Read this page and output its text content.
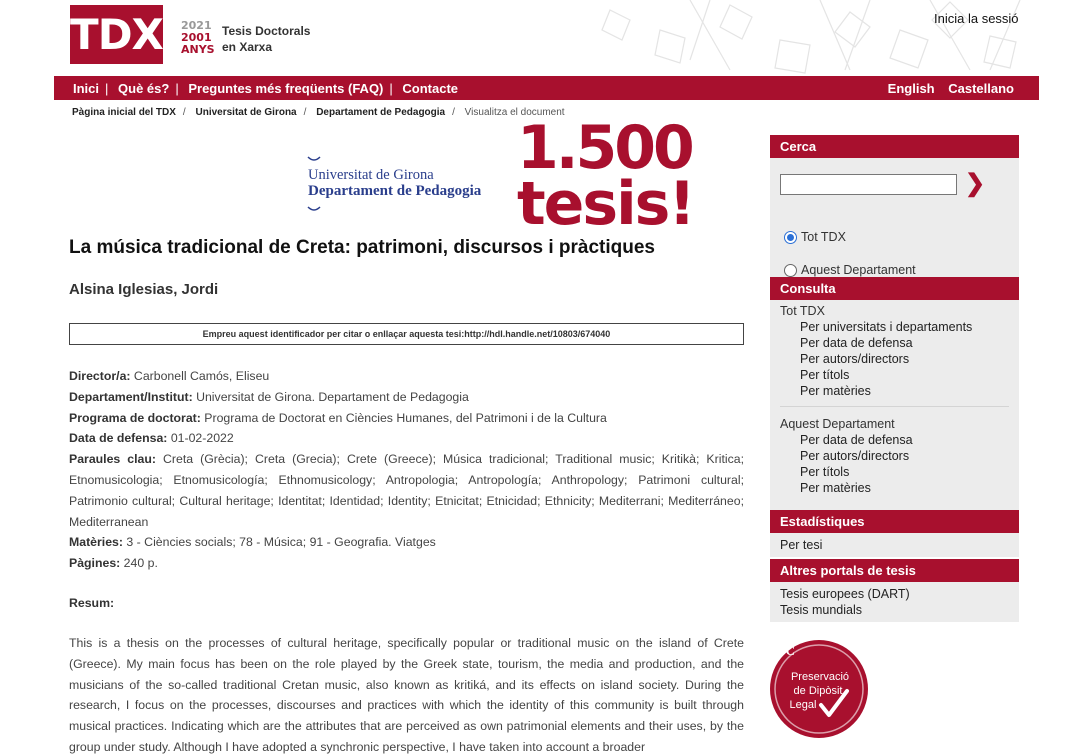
TDX 2021
2001
ANYS
Tesis Doctorals
en Xarxa
Inicia la sessió
Inici | Què és? | Preguntes més freqüents (FAQ) | Contacte	English Castellano
Pàgina inicial del TDX / Universitat de Girona / Departament de Pedagogia / Visualitza el document
Universitat de Girona
Departament de Pedagogia
1.500
tesis!
La música tradicional de Creta: patrimoni, discursos i pràctiques
Alsina Iglesias, Jordi
Empreu aquest identificador per citar o enllaçar aquesta tesi: http://hdl.handle.net/10803/674040
Director/a: Carbonell Camós, Eliseu
Departament/Institut: Universitat de Girona. Departament de Pedagogia
Programa de doctorat: Programa de Doctorat en Ciències Humanes, del Patrimoni i de la Cultura
Data de defensa: 01-02-2022
Paraules clau: Creta (Grècia); Creta (Grecia); Crete (Greece); Música tradicional; Traditional music; Kritikà; Kritica; Etnomusicologia; Etnomusicología; Ethnomusicology; Antropologia; Antropología; Anthropology; Patrimoni cultural; Patrimonio cultural; Cultural heritage; Identitat; Identidad; Identity; Etnicitat; Etnicidad; Ethnicity; Mediterrani; Mediterráneo; Mediterranean
Matèries: 3 - Ciències socials; 78 - Música; 91 - Geografia. Viatges
Pàgines: 240 p.
Resum:
This is a thesis on the processes of cultural heritage, specifically popular or traditional music on the island of Crete (Greece). My main focus has been on the role played by the Greek state, tourism, the media and production, and the musicians of the so-called traditional Cretan music, also known as kritiká, and its effects on island society. During the research, I focus on the processes, discourses and practices with which the identity of this community is built through musical practices. Indicating which are the attributes that are perceived as own patrimonial elements and their uses, by the group under study. Although I have adopted a synchronic perspective, I have taken into account a broader
Cerca
❯
Tot TDX
Aquest Departament
Consulta
Tot TDX
Per universitats i departaments
Per data de defensa
Per autors/directors
Per títols
Per matèries
Aquest Departament
Per data de defensa
Per autors/directors
Per títols
Per matèries
Estadístiques
Per tesi
Altres portals de tesis
Tesis europees (DART)
Tesis mundials
BC
Preservació
de Dipòsit
Legal
